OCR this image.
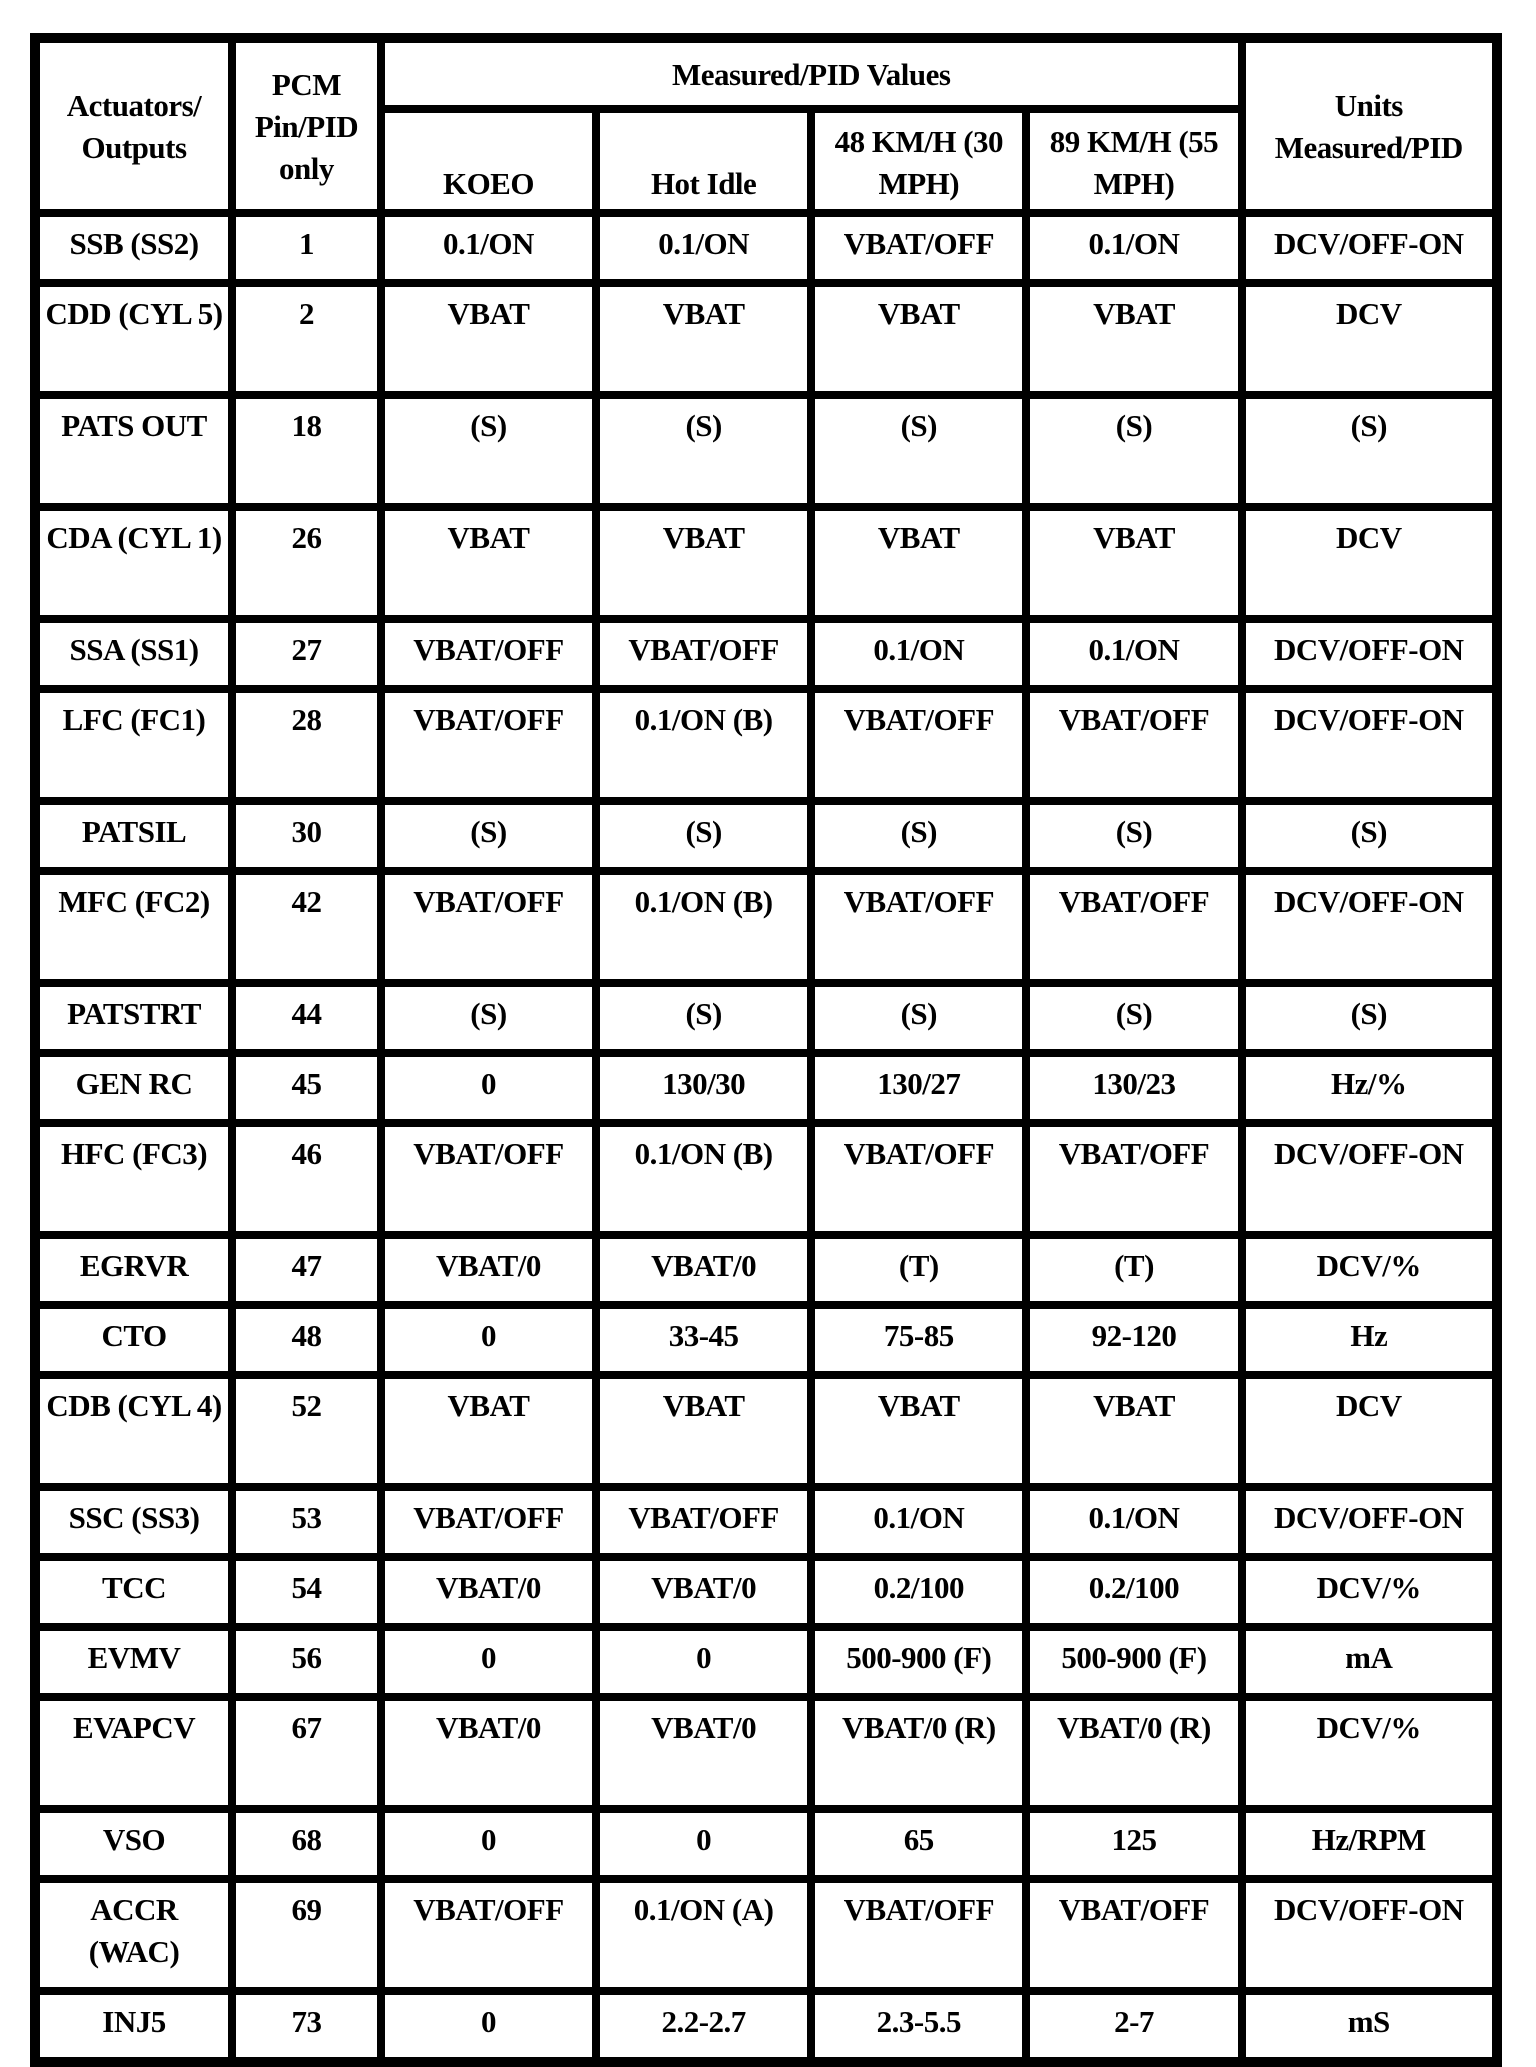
Actuators/ Outputs	PCM Pin/PID only	Measured/PID Values				Units Measured/PID
		KOEO	Hot Idle	48 KM/H (30 MPH)	89 KM/H (55 MPH)	
SSB (SS2)	1	0.1/ON	0.1/ON	VBAT/OFF	0.1/ON	DCV/OFF-ON
CDD (CYL 5)	2	VBAT	VBAT	VBAT	VBAT	DCV
PATS OUT	18	(S)	(S)	(S)	(S)	(S)
CDA (CYL 1)	26	VBAT	VBAT	VBAT	VBAT	DCV
SSA (SS1)	27	VBAT/OFF	VBAT/OFF	0.1/ON	0.1/ON	DCV/OFF-ON
LFC (FC1)	28	VBAT/OFF	0.1/ON (B)	VBAT/OFF	VBAT/OFF	DCV/OFF-ON
PATSIL	30	(S)	(S)	(S)	(S)	(S)
MFC (FC2)	42	VBAT/OFF	0.1/ON (B)	VBAT/OFF	VBAT/OFF	DCV/OFF-ON
PATSTRT	44	(S)	(S)	(S)	(S)	(S)
GEN RC	45	0	130/30	130/27	130/23	Hz/%
HFC (FC3)	46	VBAT/OFF	0.1/ON (B)	VBAT/OFF	VBAT/OFF	DCV/OFF-ON
EGRVR	47	VBAT/0	VBAT/0	(T)	(T)	DCV/%
CTO	48	0	33-45	75-85	92-120	Hz
CDB (CYL 4)	52	VBAT	VBAT	VBAT	VBAT	DCV
SSC (SS3)	53	VBAT/OFF	VBAT/OFF	0.1/ON	0.1/ON	DCV/OFF-ON
TCC	54	VBAT/0	VBAT/0	0.2/100	0.2/100	DCV/%
EVMV	56	0	0	500-900 (F)	500-900 (F)	mA
EVAPCV	67	VBAT/0	VBAT/0	VBAT/0 (R)	VBAT/0 (R)	DCV/%
VSO	68	0	0	65	125	Hz/RPM
ACCR (WAC)	69	VBAT/OFF	0.1/ON (A)	VBAT/OFF	VBAT/OFF	DCV/OFF-ON
INJ5	73	0	2.2-2.7	2.3-5.5	2-7	mS
